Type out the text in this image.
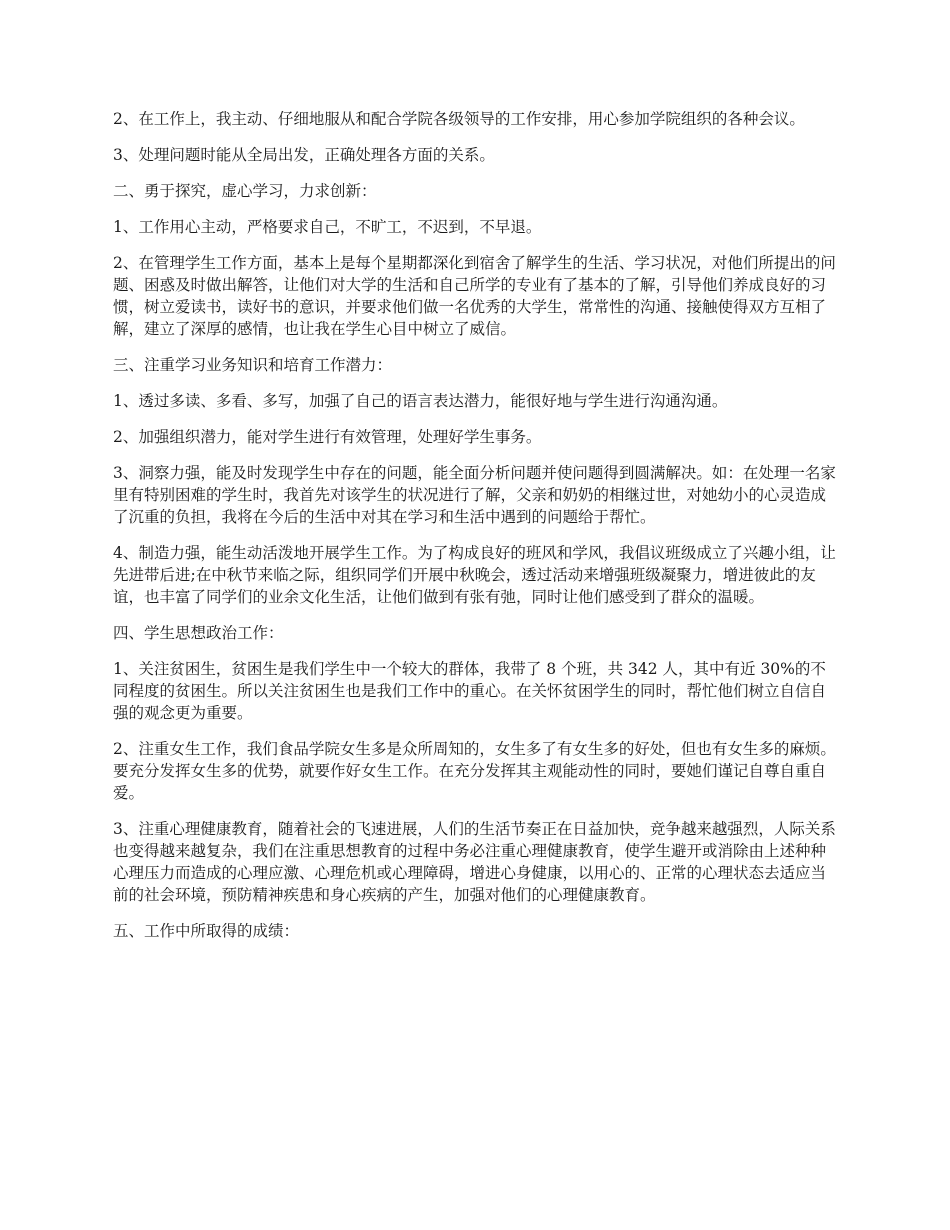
2、在工作上，我主动、仔细地服从和配合学院各级领导的工作安排，用心参加学院组织的各种会议。

3、处理问题时能从全局出发，正确处理各方面的关系。

二、勇于探究，虚心学习，力求创新：

1、工作用心主动，严格要求自己，不旷工，不迟到，不早退。

2、在管理学生工作方面，基本上是每个星期都深化到宿舍了解学生的生活、学习状况，对他们所提出的问题、困惑及时做出解答，让他们对大学的生活和自己所学的专业有了基本的了解，引导他们养成良好的习惯，树立爱读书，读好书的意识，并要求他们做一名优秀的大学生，常常性的沟通、接触使得双方互相了解，建立了深厚的感情，也让我在学生心目中树立了威信。

三、注重学习业务知识和培育工作潜力：

1、透过多读、多看、多写，加强了自己的语言表达潜力，能很好地与学生进行沟通沟通。

2、加强组织潜力，能对学生进行有效管理，处理好学生事务。

3、洞察力强，能及时发现学生中存在的问题，能全面分析问题并使问题得到圆满解决。如：在处理一名家里有特别困难的学生时，我首先对该学生的状况进行了解，父亲和奶奶的相继过世，对她幼小的心灵造成了沉重的负担，我将在今后的生活中对其在学习和生活中遇到的问题给于帮忙。

4、制造力强，能生动活泼地开展学生工作。为了构成良好的班风和学风，我倡议班级成立了兴趣小组，让先进带后进;在中秋节来临之际，组织同学们开展中秋晚会，透过活动来增强班级凝聚力，增进彼此的友谊，也丰富了同学们的业余文化生活，让他们做到有张有弛，同时让他们感受到了群众的温暖。

四、学生思想政治工作：

1、关注贫困生，贫困生是我们学生中一个较大的群体，我带了 8 个班，共 342 人，其中有近 30%的不同程度的贫困生。所以关注贫困生也是我们工作中的重心。在关怀贫困学生的同时，帮忙他们树立自信自强的观念更为重要。

2、注重女生工作，我们食品学院女生多是众所周知的，女生多了有女生多的好处，但也有女生多的麻烦。要充分发挥女生多的优势，就要作好女生工作。在充分发挥其主观能动性的同时，要她们谨记自尊自重自爱。

3、注重心理健康教育，随着社会的飞速进展，人们的生活节奏正在日益加快，竞争越来越强烈，人际关系也变得越来越复杂，我们在注重思想教育的过程中务必注重心理健康教育，使学生避开或消除由上述种种心理压力而造成的心理应激、心理危机或心理障碍，增进心身健康，以用心的、正常的心理状态去适应当前的社会环境，预防精神疾患和身心疾病的产生，加强对他们的心理健康教育。

五、工作中所取得的成绩：
